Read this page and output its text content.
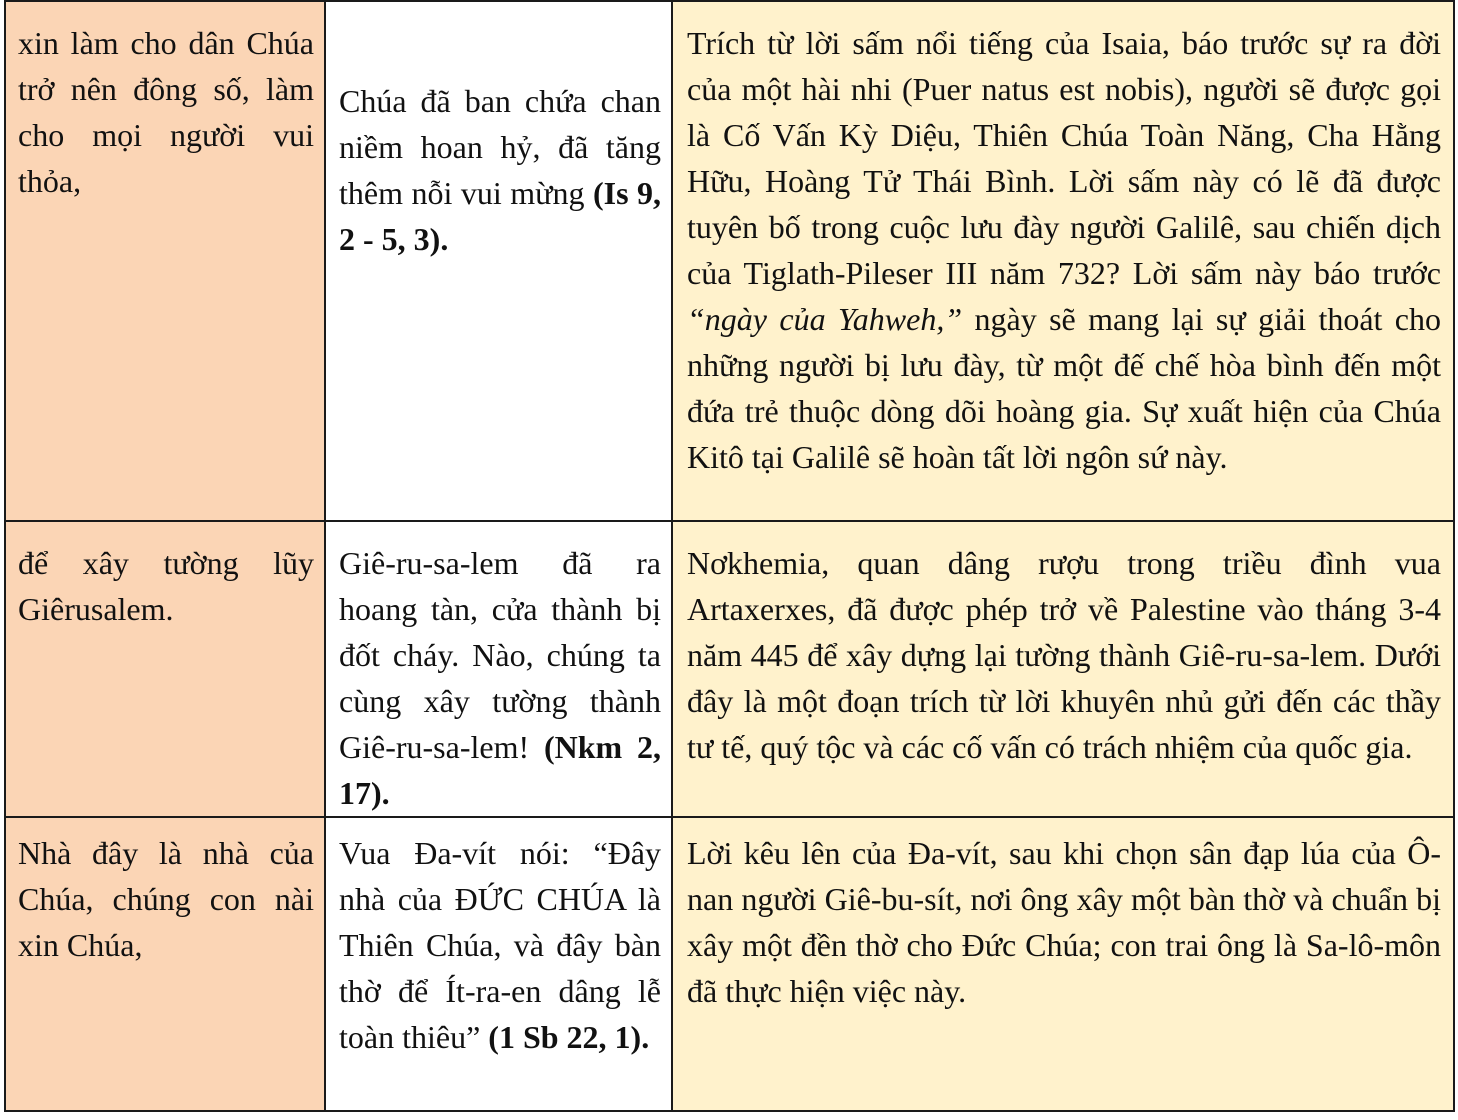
xin làm cho dân Chúa trở nên đông số, làm cho mọi người vui thỏa,	Chúa đã ban chứa chan niềm hoan hỷ, đã tăng thêm nỗi vui mừng (Is 9, 2 - 5, 3).	Trích từ lời sấm nổi tiếng của Isaia, báo trước sự ra đời của một hài nhi (Puer natus est nobis), người sẽ được gọi là Cố Vấn Kỳ Diệu, Thiên Chúa Toàn Năng, Cha Hằng Hữu, Hoàng Tử Thái Bình. Lời sấm này có lẽ đã được tuyên bố trong cuộc lưu đày người Galilê, sau chiến dịch của Tiglath-Pileser III năm 732? Lời sấm này báo trước “ngày của Yahweh,” ngày sẽ mang lại sự giải thoát cho những người bị lưu đày, từ một đế chế hòa bình đến một đứa trẻ thuộc dòng dõi hoàng gia. Sự xuất hiện của Chúa Kitô tại Galilê sẽ hoàn tất lời ngôn sứ này.

để xây tường lũy Giêrusalem.	Giê-ru-sa-lem đã ra hoang tàn, cửa thành bị đốt cháy. Nào, chúng ta cùng xây tường thành Giê-ru-sa-lem! (Nkm 2, 17).	Nơkhemia, quan dâng rượu trong triều đình vua Artaxerxes, đã được phép trở về Palestine vào tháng 3-4 năm 445 để xây dựng lại tường thành Giê-ru-sa-lem. Dưới đây là một đoạn trích từ lời khuyên nhủ gửi đến các thầy tư tế, quý tộc và các cố vấn có trách nhiệm của quốc gia.

Nhà đây là nhà của Chúa, chúng con nài xin Chúa,	Vua Đa-vít nói: “Đây nhà của ĐỨC CHÚA là Thiên Chúa, và đây bàn thờ để Ít-ra-en dâng lễ toàn thiêu” (1 Sb 22, 1).	Lời kêu lên của Đa-vít, sau khi chọn sân đạp lúa của Ô-nan người Giê-bu-sít, nơi ông xây một bàn thờ và chuẩn bị xây một đền thờ cho Đức Chúa; con trai ông là Sa-lô-môn đã thực hiện việc này.
